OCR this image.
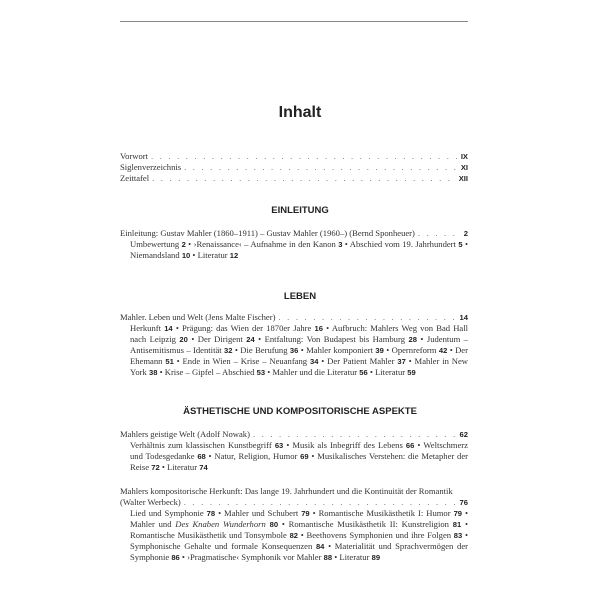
Inhalt
Vorwort . . .	IX
Siglenverzeichnis . . .	XI
Zeittafel . . .	XII
EINLEITUNG
Einleitung: Gustav Mahler (1860–1911) – Gustav Mahler (1960–) (Bernd Sponheuer) . . .	2
Umbewertung 2 • ›Renaissance‹ – Aufnahme in den Kanon 3 • Abschied vom 19. Jahrhundert 5 • Niemandsland 10 • Literatur 12
LEBEN
Mahler. Leben und Welt (Jens Malte Fischer) . . .	14
Herkunft 14 • Prägung: das Wien der 1870er Jahre 16 • Aufbruch: Mahlers Weg von Bad Hall nach Leipzig 20 • Der Dirigent 24 • Entfaltung: Von Budapest bis Hamburg 28 • Judentum – Antisemitismus – Identität 32 • Die Berufung 36 • Mahler komponiert 39 • Opernreform 42 • Der Ehemann 51 • Ende in Wien – Krise – Neuanfang 34 • Der Patient Mahler 37 • Mahler in New York 38 • Krise – Gipfel – Abschied 53 • Mahler und die Literatur 56 • Literatur 59
ÄSTHETISCHE UND KOMPOSITORISCHE ASPEKTE
Mahlers geistige Welt (Adolf Nowak) . . .	62
Verhältnis zum klassischen Kunstbegriff 63 • Musik als Inbegriff des Lebens 66 • Weltschmerz und Todesgedanke 68 • Natur, Religion, Humor 69 • Musikalisches Verstehen: die Metapher der Reise 72 • Literatur 74
Mahlers kompositorische Herkunft: Das lange 19. Jahrhundert und die Kontinuität der Romantik
(Walter Werbeck) . . .	76
Lied und Symphonie 78 • Mahler und Schubert 79 • Romantische Musikästhetik I: Humor 79 • Mahler und Des Knaben Wunderhorn 80 • Romantische Musikästhetik II: Kunstreligion 81 • Romantische Musikästhetik und Tonsymbole 82 • Beethovens Symphonien und ihre Folgen 83 • Symphonische Gehalte und formale Konsequenzen 84 • Materialität und Sprachvermögen der Symphonie 86 • ›Pragmatische‹ Symphonik vor Mahler 88 • Literatur 89
